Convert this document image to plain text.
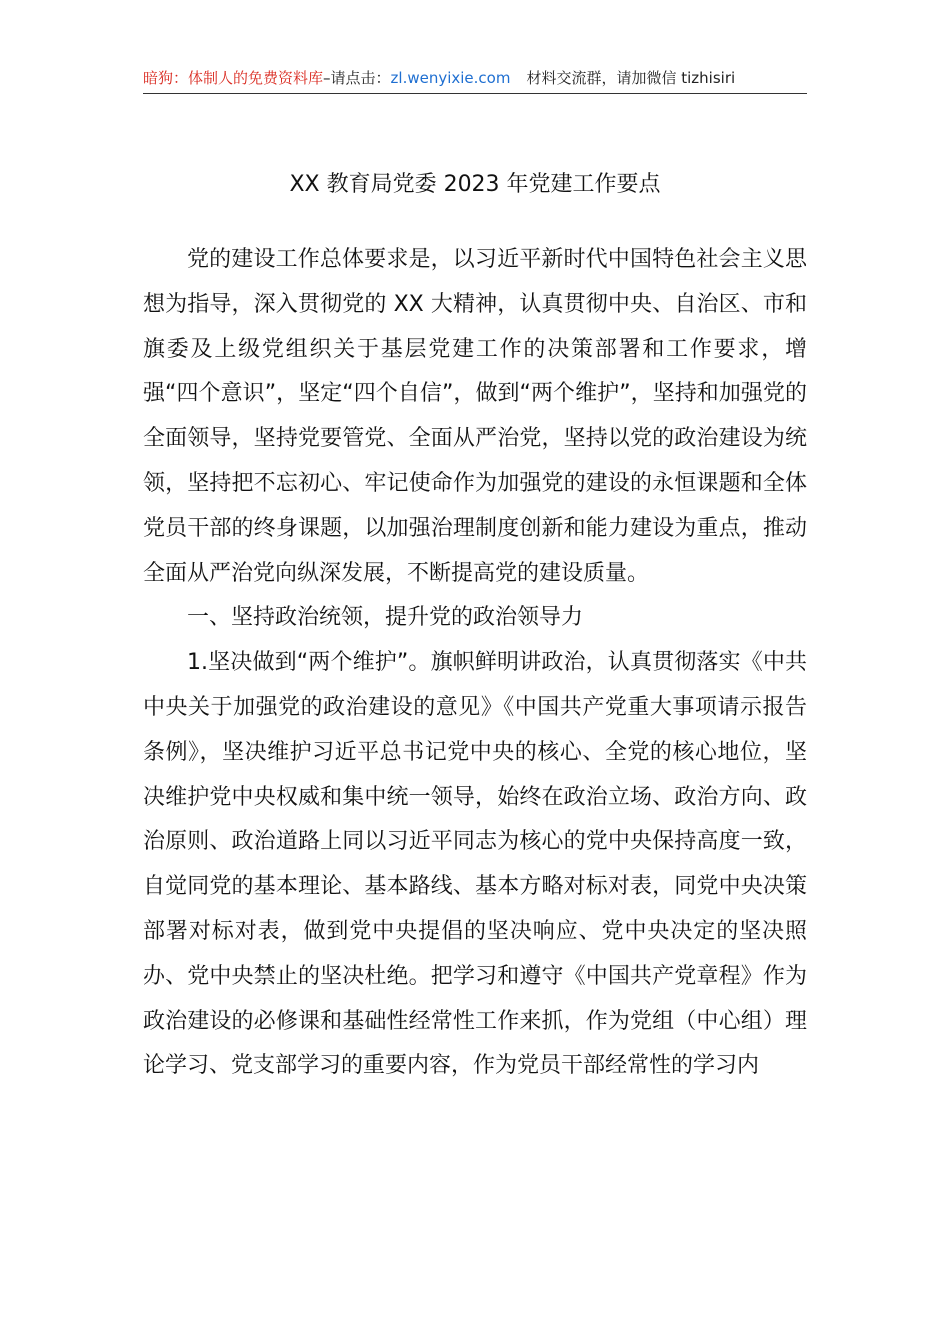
暗狗：体制人的免费资料库–请点击：zl.wenyixie.com 材料交流群，请加微信 tizhisiri
XX 教育局党委 2023 年党建工作要点

党的建设工作总体要求是，以习近平新时代中国特色社会主义思想为指导，深入贯彻党的 XX 大精神，认真贯彻中央、自治区、市和旗委及上级党组织关于基层党建工作的决策部署和工作要求，增强“四个意识”，坚定“四个自信”，做到“两个维护”，坚持和加强党的全面领导，坚持党要管党、全面从严治党，坚持以党的政治建设为统领，坚持把不忘初心、牢记使命作为加强党的建设的永恒课题和全体党员干部的终身课题，以加强治理制度创新和能力建设为重点，推动全面从严治党向纵深发展，不断提高党的建设质量。

一、坚持政治统领，提升党的政治领导力

1.坚决做到“两个维护”。旗帜鲜明讲政治，认真贯彻落实《中共中央关于加强党的政治建设的意见》《中国共产党重大事项请示报告条例》，坚决维护习近平总书记党中央的核心、全党的核心地位，坚决维护党中央权威和集中统一领导，始终在政治立场、政治方向、政治原则、政治道路上同以习近平同志为核心的党中央保持高度一致，自觉同党的基本理论、基本路线、基本方略对标对表，同党中央决策部署对标对表，做到党中央提倡的坚决响应、党中央决定的坚决照办、党中央禁止的坚决杜绝。把学习和遵守《中国共产党章程》作为政治建设的必修课和基础性经常性工作来抓，作为党组（中心组）理论学习、党支部学习的重要内容，作为党员干部经常性的学习内
